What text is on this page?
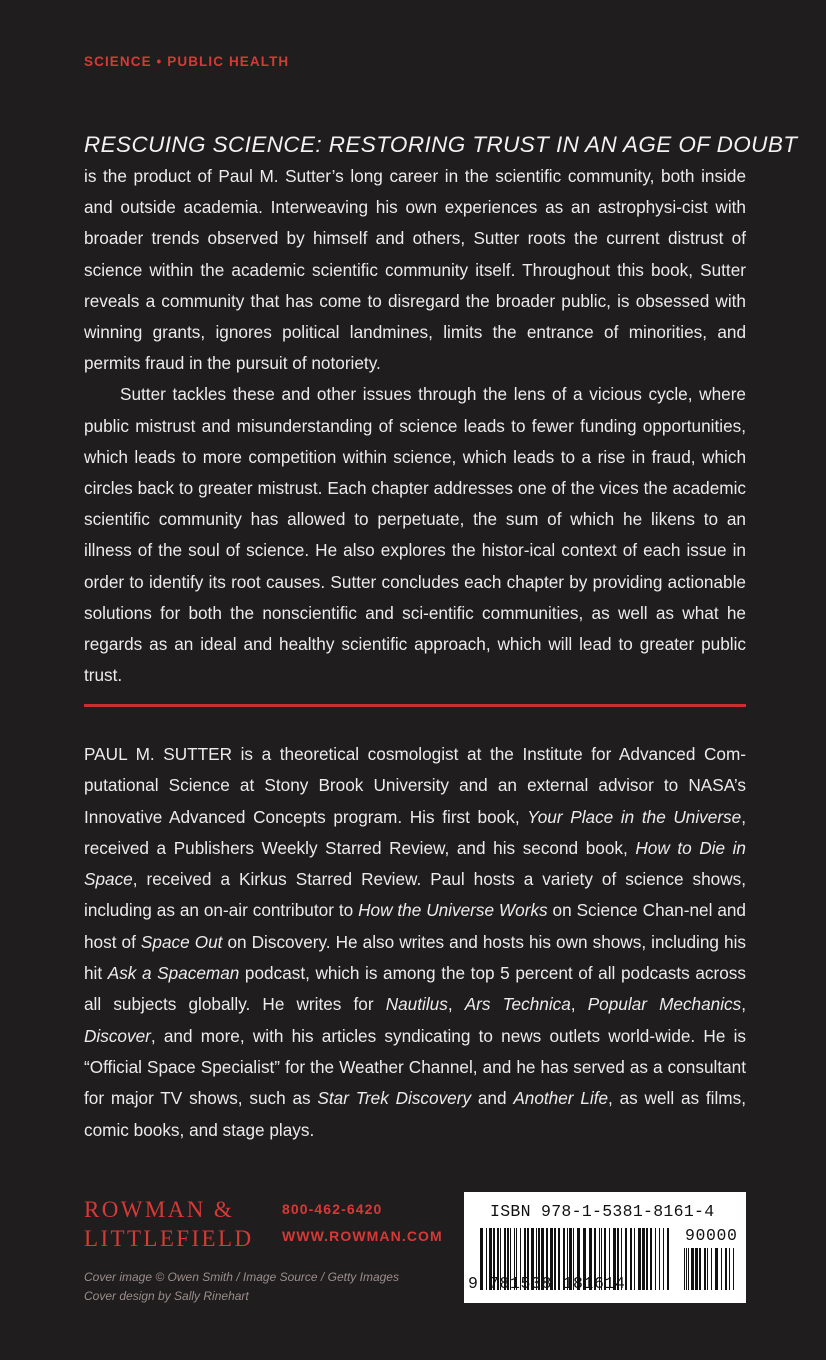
SCIENCE • PUBLIC HEALTH
RESCUING SCIENCE: RESTORING TRUST IN AN AGE OF DOUBT

is the product of Paul M. Sutter’s long career in the scientific community, both inside and outside academia. Interweaving his own experiences as an astrophysi-cist with broader trends observed by himself and others, Sutter roots the current distrust of science within the academic scientific community itself. Throughout this book, Sutter reveals a community that has come to disregard the broader public, is obsessed with winning grants, ignores political landmines, limits the entrance of minorities, and permits fraud in the pursuit of notoriety.

Sutter tackles these and other issues through the lens of a vicious cycle, where public mistrust and misunderstanding of science leads to fewer funding opportunities, which leads to more competition within science, which leads to a rise in fraud, which circles back to greater mistrust. Each chapter addresses one of the vices the academic scientific community has allowed to perpetuate, the sum of which he likens to an illness of the soul of science. He also explores the histor-ical context of each issue in order to identify its root causes. Sutter concludes each chapter by providing actionable solutions for both the nonscientific and sci-entific communities, as well as what he regards as an ideal and healthy scientific approach, which will lead to greater public trust.

PAUL M. SUTTER is a theoretical cosmologist at the Institute for Advanced Com-putational Science at Stony Brook University and an external advisor to NASA’s Innovative Advanced Concepts program. His first book, Your Place in the Universe, received a Publishers Weekly Starred Review, and his second book, How to Die in Space, received a Kirkus Starred Review. Paul hosts a variety of science shows, including as an on-air contributor to How the Universe Works on Science Chan-nel and host of Space Out on Discovery. He also writes and hosts his own shows, including his hit Ask a Spaceman podcast, which is among the top 5 percent of all podcasts across all subjects globally. He writes for Nautilus, Ars Technica, Popular Mechanics, Discover, and more, with his articles syndicating to news outlets world-wide. He is “Official Space Specialist” for the Weather Channel, and he has served as a consultant for major TV shows, such as Star Trek Discovery and Another Life, as well as films, comic books, and stage plays.

ROWMAN &
LITTLEFIELD
800-462-6420
WWW.ROWMAN.COM
Cover image © Owen Smith / Image Source / Getty Images
Cover design by Sally Rinehart
ISBN 978-1-5381-8161-4
90000
9 781538 181614
